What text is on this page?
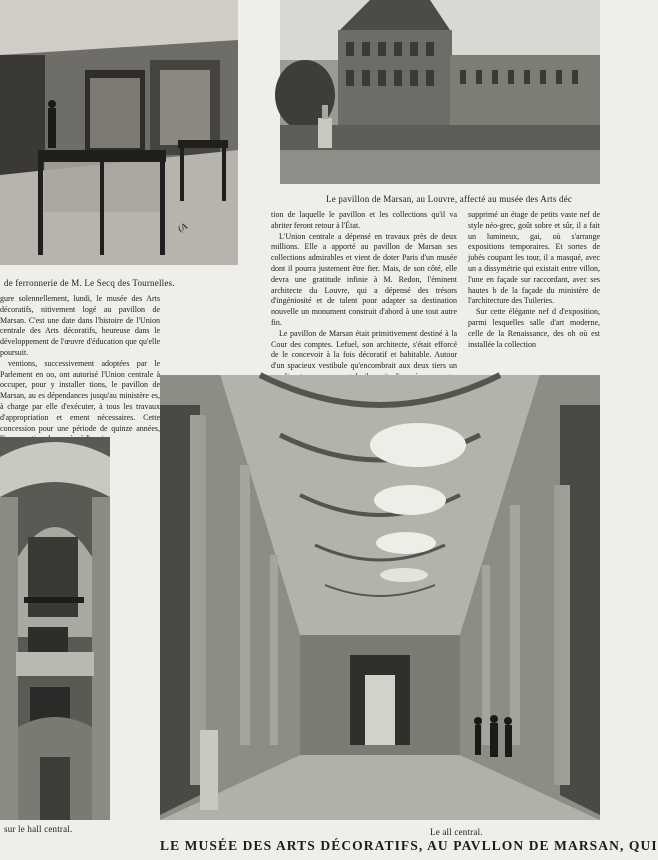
(A
de ferronnerie de M. Le Secq des Tournelles.
Le pavillon de Marsan, au Louvre, affecté au musée des Arts déc

gure solennellement, lundi, le musée des Arts décoratifs, nitivement logé au pavillon de Marsan. C'est une date dans l'histoire de l'Union centrale des Arts décoratifs, heureuse dans le développement de l'œuvre d'éducation que qu'elle poursuit.

ventions, successivement adoptées par le Parlement en oo, ont autorisé l'Union centrale à occuper, pour y installer tions, le pavillon de Marsan, au es dépendances jusqu'au ministère es, à charge par elle d'exécuter, à tous les travaux d'appropriation et ement nécessaires. Cette concession pour une période de quinze années,

tion de laquelle le pavillon et les collections qu'il va abriter feront retour à l'État.

L'Union centrale a dépensé en travaux près de deux millions. Elle a apporté au pavillon de Marsan ses collections admirables et vient de doter Paris d'un musée dont il pourra justement être fier. Mais, de son côté, elle devra une gratitude infinie à M. Redon, l'éminent architecte du Louvre, qui a dépensé des trésors d'ingéniosité et de talent pour adapter sa destination nouvelle un monument construit d'abord à une tout autre fin.

Le pavillon de Marsan était primitivement destiné à la Cour des comptes. Lefuel, son architecte, s'était efforcé de le concevoir à la fois décoratif et habitable. Autour d'un spacieux vestibule qu'encombrait aux deux tiers un

supprimé un étage de petits vaste nef de style néo-grec, goût sobre et sûr, il a fait un lumineux, gai, où s'arrange expositions temporaires. Et sortes de jubés coupant les tour, il a masqué, avec un a dissymétrie qui existait entre villon, l'une en façade sur raccordant, avec ses hautes b de la façade du ministère de l'architecture des Tuileries.

Sur cette élégante nef d d'exposition, parmi lesquelles salle d'art moderne, celle de la Renaissance, des oh où est installée la collection

sur le hall central.	Le all central.
LE MUSÉE DES ARTS DÉCORATIFS, AU PAVLLON DE MARSAN, QUI
